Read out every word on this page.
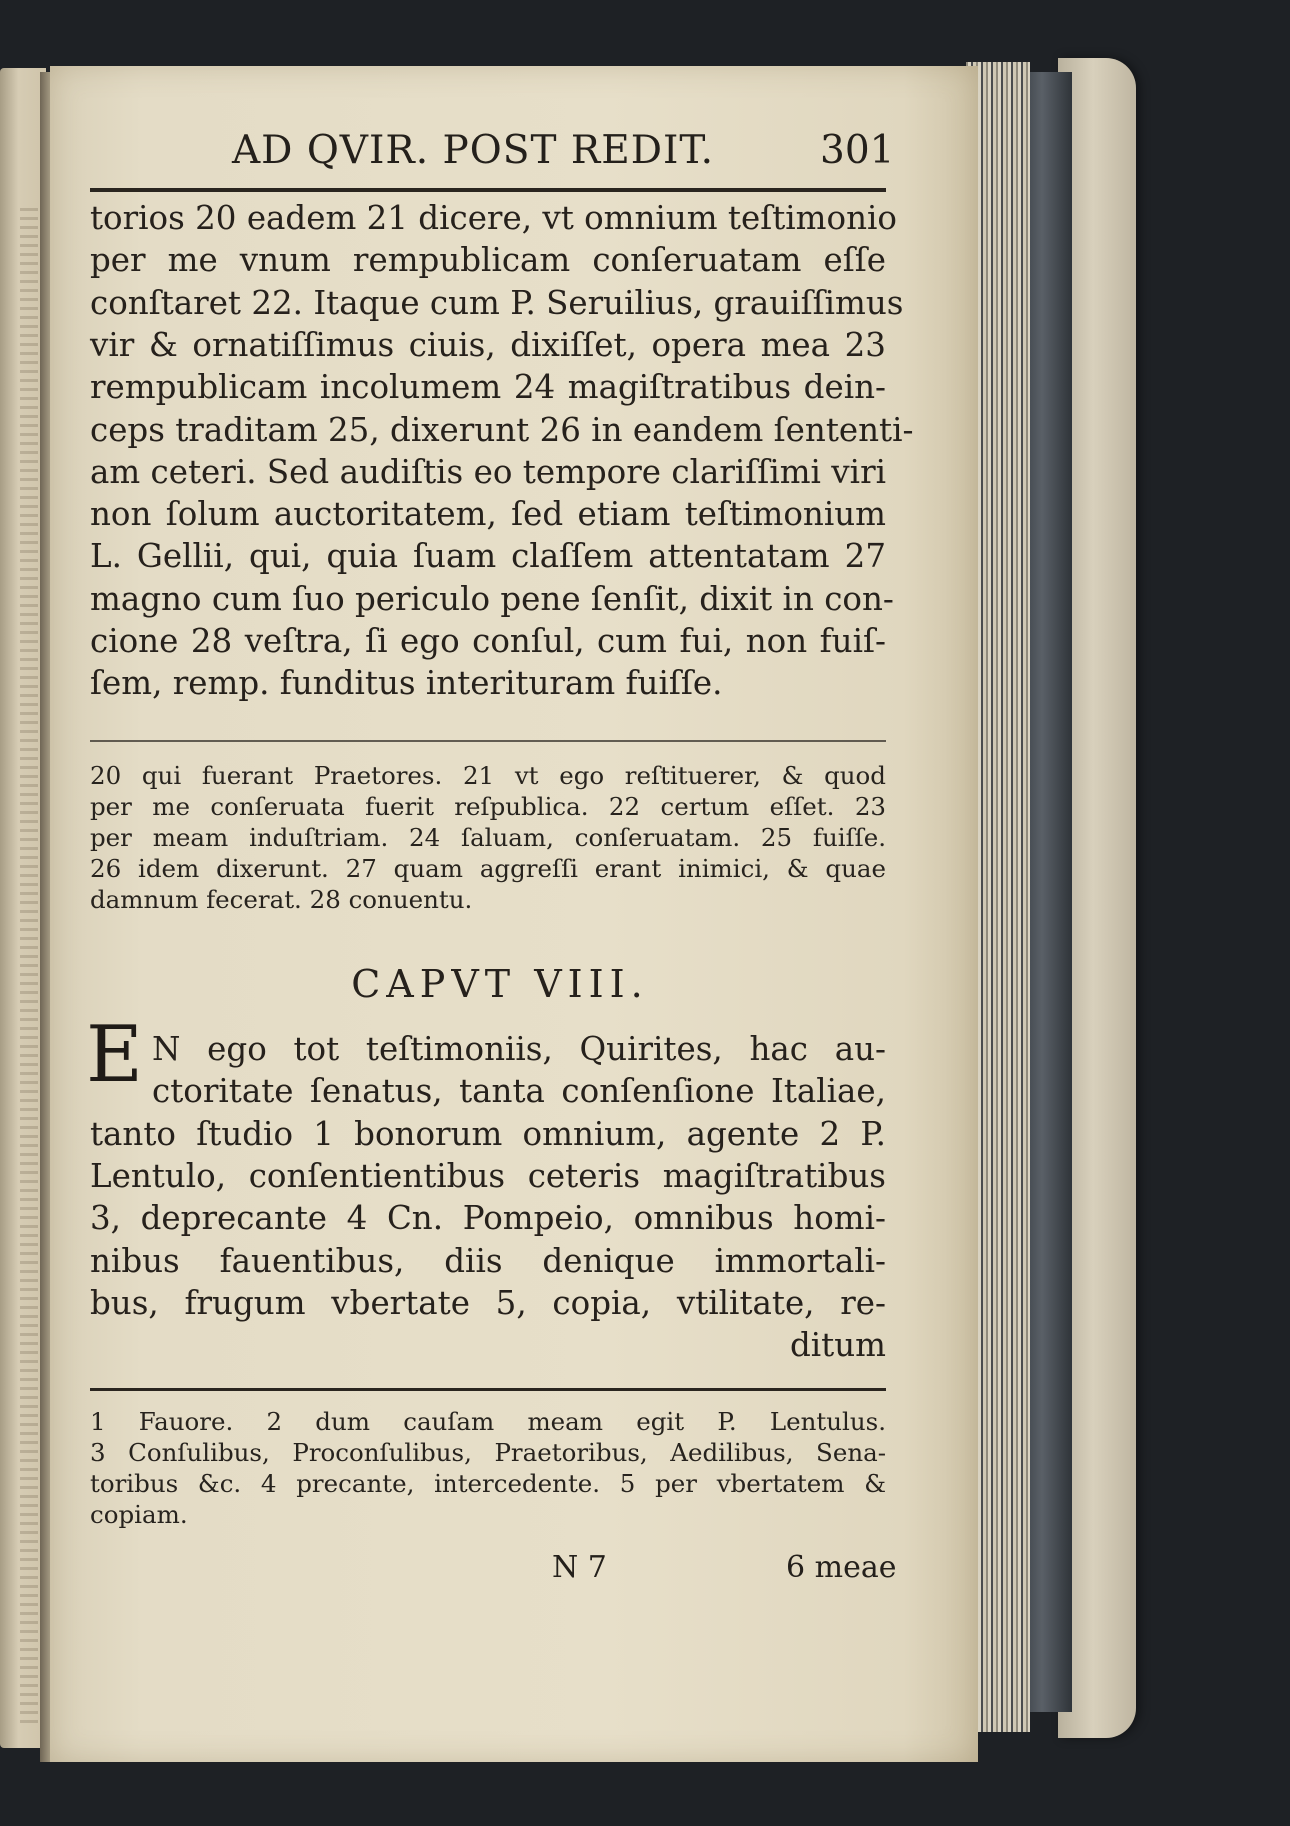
AD QVIR. POST REDIT.	301
torios 20 eadem 21 dicere, vt omnium teſtimonio
per me vnum rempublicam conſeruatam eſſe
conſtaret 22. Itaque cum P. Seruilius, grauiſſimus
vir & ornatiſſimus ciuis, dixiſſet, opera mea 23
rempublicam incolumem 24 magiſtratibus dein-
ceps traditam 25, dixerunt 26 in eandem ſententi-
am ceteri. Sed audiſtis eo tempore clariſſimi viri
non ſolum auctoritatem, ſed etiam teſtimonium
L. Gellii, qui, quia ſuam claſſem attentatam 27
magno cum ſuo periculo pene ſenſit, dixit in con-
cione 28 veſtra, ſi ego conſul, cum fui, non fuiſ-
ſem, remp. funditus interituram fuiſſe.
20 qui fuerant Praetores. 21 vt ego reſtituerer, & quod
per me conſeruata fuerit reſpublica. 22 certum eſſet. 23
per meam induſtriam. 24 ſaluam, conſeruatam. 25 fuiſſe.
26 idem dixerunt. 27 quam aggreſſi erant inimici, & quae
damnum fecerat. 28 conuentu.
CAPVT VIII.
E N ego tot teſtimoniis, Quirites, hac au-
ctoritate ſenatus, tanta conſenſione Italiae,
tanto ſtudio 1 bonorum omnium, agente 2 P.
Lentulo, conſentientibus ceteris magiſtratibus
3, deprecante 4 Cn. Pompeio, omnibus homi-
nibus fauentibus, diis denique immortali-
bus, frugum vbertate 5, copia, vtilitate, re-
ditum
1 Fauore. 2 dum cauſam meam egit P. Lentulus.
3 Conſulibus, Proconſulibus, Praetoribus, Aedilibus, Sena-
toribus &c. 4 precante, intercedente. 5 per vbertatem &
copiam.
N 7	6 meae
